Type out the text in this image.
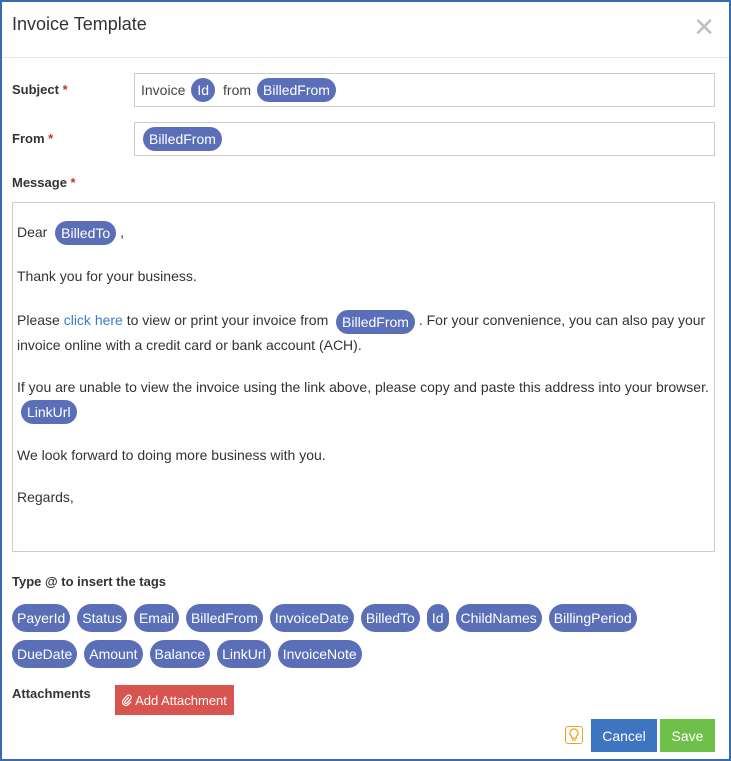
Invoice Template	✕
Subject *	Invoice Id	from BilledFrom
From *	BilledFrom
Message *

Dear BilledTo ,

Thank you for your business.

Please click here to view or print your invoice from BilledFrom . For your convenience, you can also pay your invoice online with a credit card or bank account (ACH).

If you are unable to view the invoice using the link above, please copy and paste this address into your browser.

LinkUrl

We look forward to doing more business with you.

Regards,

Type @ to insert the tags
PayerId	Status	Email	BilledFrom	InvoiceDate	BilledTo	Id	ChildNames	BillingPeriod
DueDate	Amount	Balance	LinkUrl	InvoiceNote
Attachments	Add Attachment
Cancel	Save
